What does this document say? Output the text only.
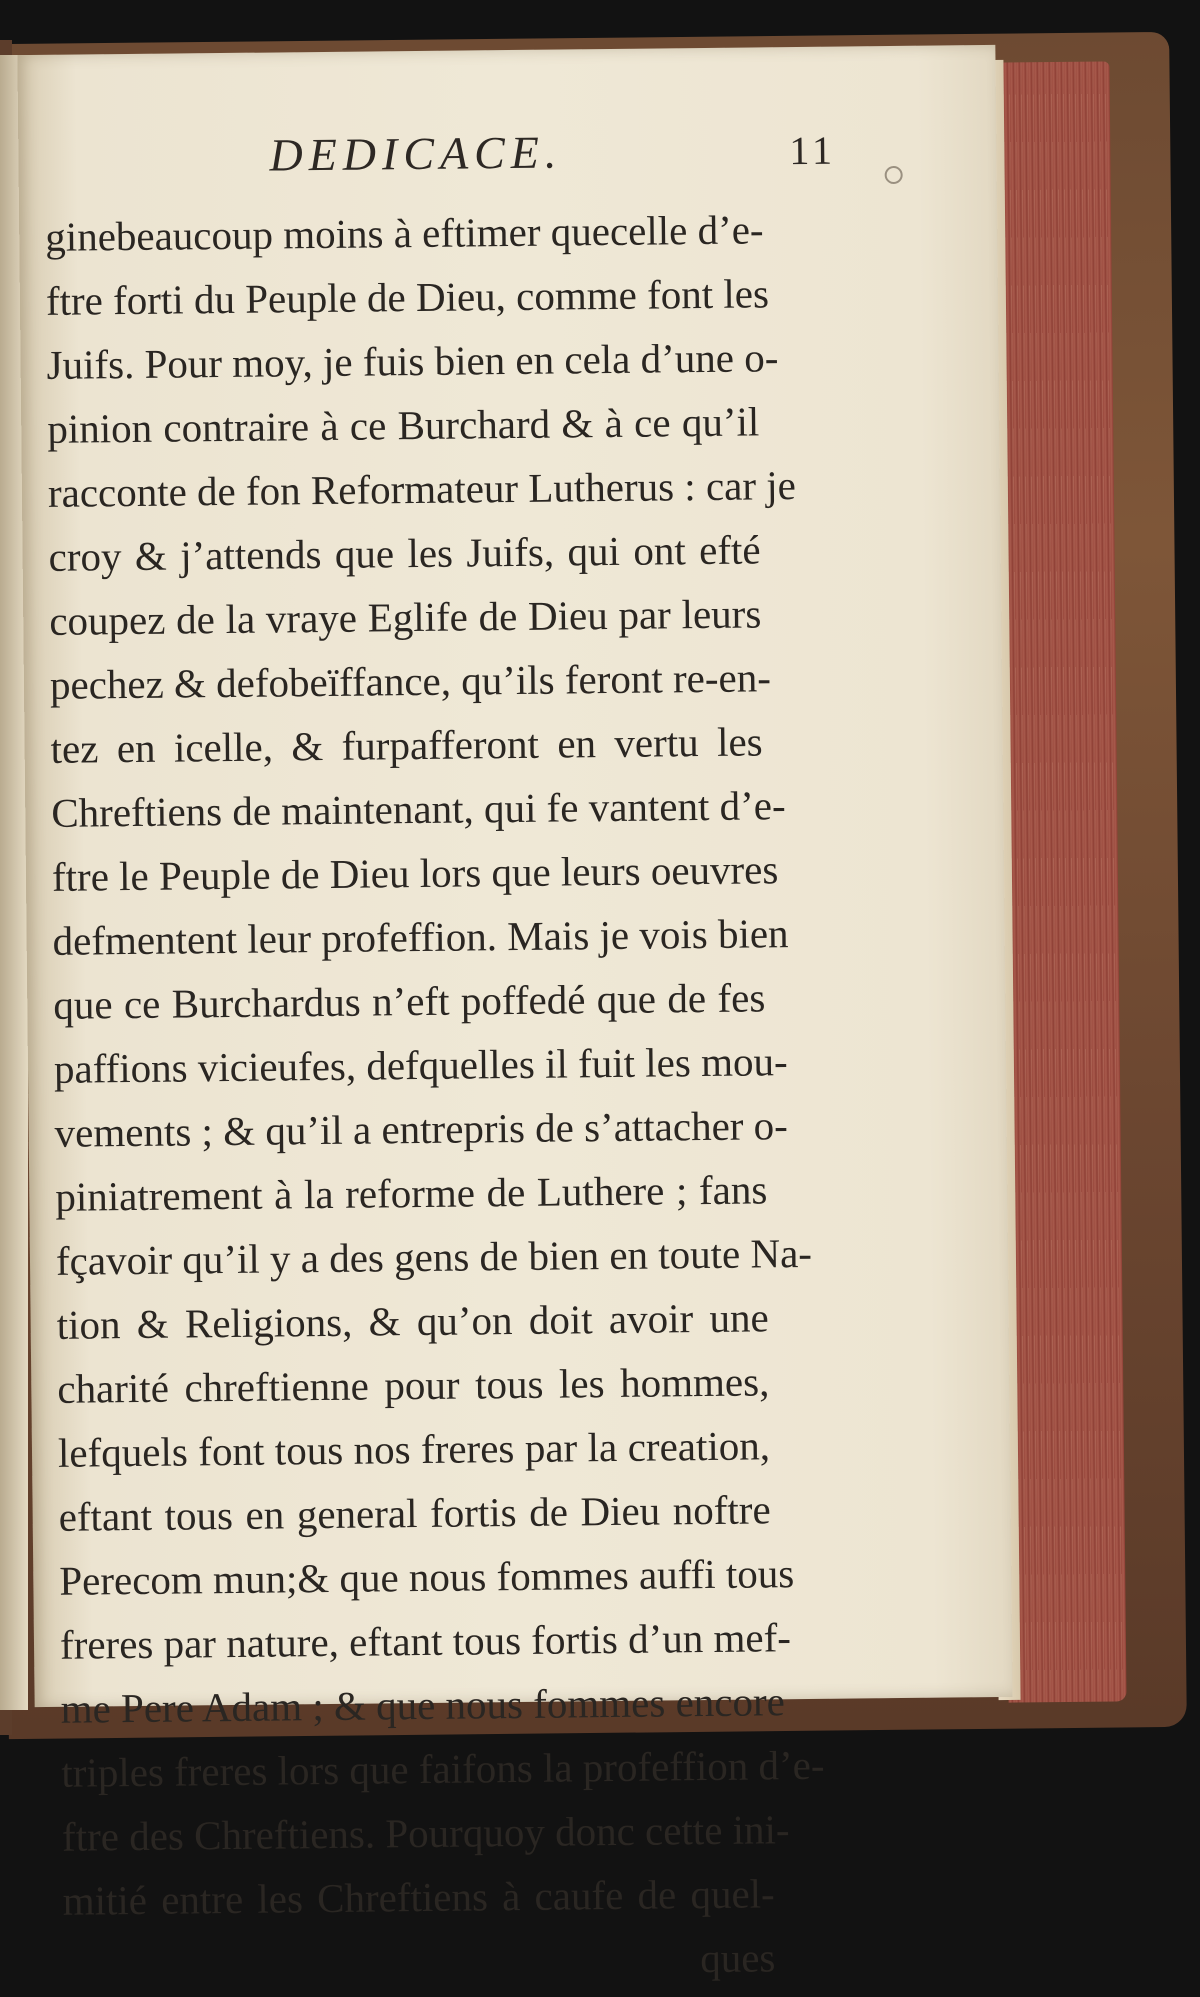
DEDICACE.	11
ginebeaucoup moins à eftimer quecelle d’e-
ftre forti du Peuple de Dieu, comme font les
Juifs. Pour moy, je fuis bien en cela d’une o-
pinion contraire à ce Burchard & à ce qu’il
racconte de fon Reformateur Lutherus : car je
croy & j’attends que les Juifs, qui ont efté
coupez de la vraye Eglife de Dieu par leurs
pechez & defobeïffance, qu’ils feront re-en-
tez en icelle, & furpafferont en vertu les
Chreftiens de maintenant, qui fe vantent d’e-
ftre le Peuple de Dieu lors que leurs oeuvres
defmentent leur profeffion. Mais je vois bien
que ce Burchardus n’eft poffedé que de fes
paffions vicieufes, defquelles il fuit les mou-
vements ; & qu’il a entrepris de s’attacher o-
piniatrement à la reforme de Luthere ; fans
fçavoir qu’il y a des gens de bien en toute Na-
tion & Religions, & qu’on doit avoir une
charité chreftienne pour tous les hommes,
lefquels font tous nos freres par la creation,
eftant tous en general fortis de Dieu noftre
Perecom mun;& que nous fommes auffi tous
freres par nature, eftant tous fortis d’un mef-
me Pere Adam ; & que nous fommes encore
triples freres lors que faifons la profeffion d’e-
ftre des Chreftiens. Pourquoy donc cette ini-
mitié entre les Chreftiens à caufe de quel-
ques
